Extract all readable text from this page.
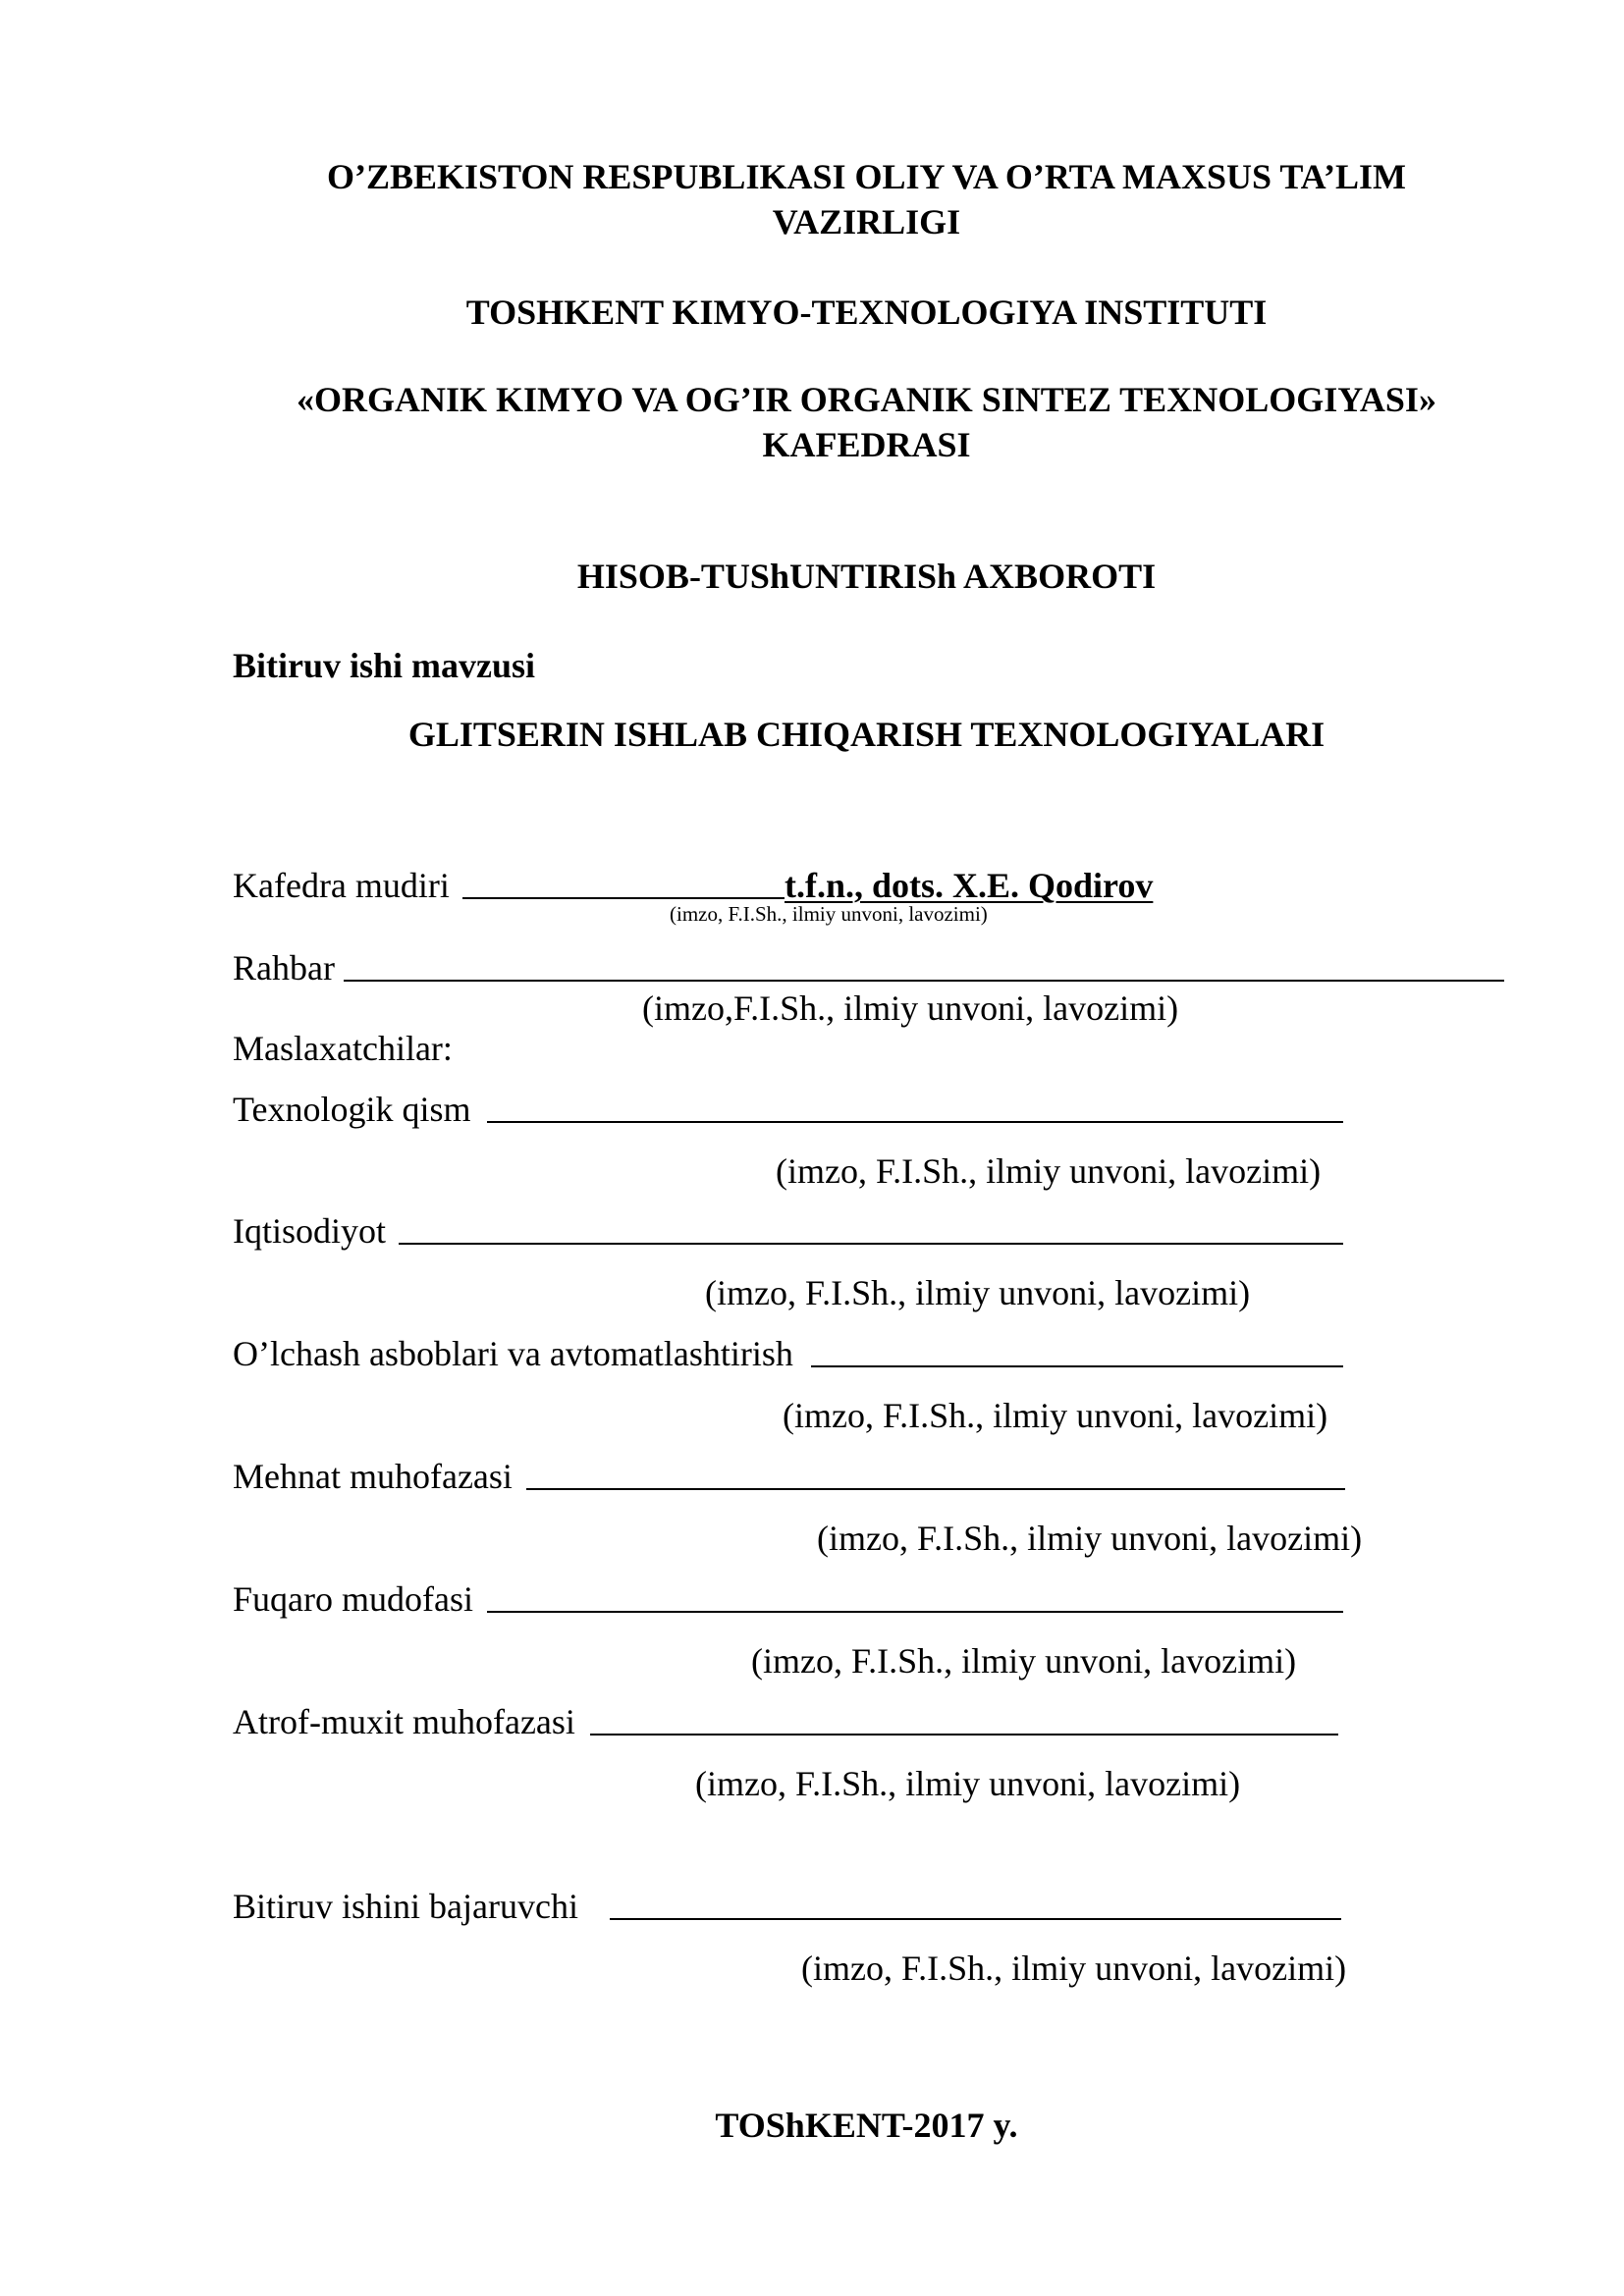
O’ZBEKISTON RESPUBLIKASI OLIY VA O’RTA MAXSUS TA’LIM
VAZIRLIGI
TOSHKENT KIMYO-TEXNOLOGIYA INSTITUTI
«ORGANIK KIMYO VA OG’IR ORGANIK SINTEZ TEXNOLOGIYASI»
KAFEDRASI
HISOB-TUShUNTIRISh AXBOROTI
Bitiruv ishi mavzusi
GLITSERIN ISHLAB CHIQARISH TEXNOLOGIYALARI
Kafedra mudiri	t.f.n., dots. X.E. Qodirov
(imzo, F.I.Sh., ilmiy unvoni, lavozimi)
Rahbar
(imzo,F.I.Sh., ilmiy unvoni, lavozimi)
Maslaxatchilar:
Texnologik qism
(imzo, F.I.Sh., ilmiy unvoni, lavozimi)
Iqtisodiyot
(imzo, F.I.Sh., ilmiy unvoni, lavozimi)
O’lchash asboblari va avtomatlashtirish
(imzo, F.I.Sh., ilmiy unvoni, lavozimi)
Mehnat muhofazasi
(imzo, F.I.Sh., ilmiy unvoni, lavozimi)
Fuqaro mudofasi
(imzo, F.I.Sh., ilmiy unvoni, lavozimi)
Atrof-muxit muhofazasi
(imzo, F.I.Sh., ilmiy unvoni, lavozimi)
Bitiruv ishini bajaruvchi
(imzo, F.I.Sh., ilmiy unvoni, lavozimi)
TOShKENT-2017 y.
